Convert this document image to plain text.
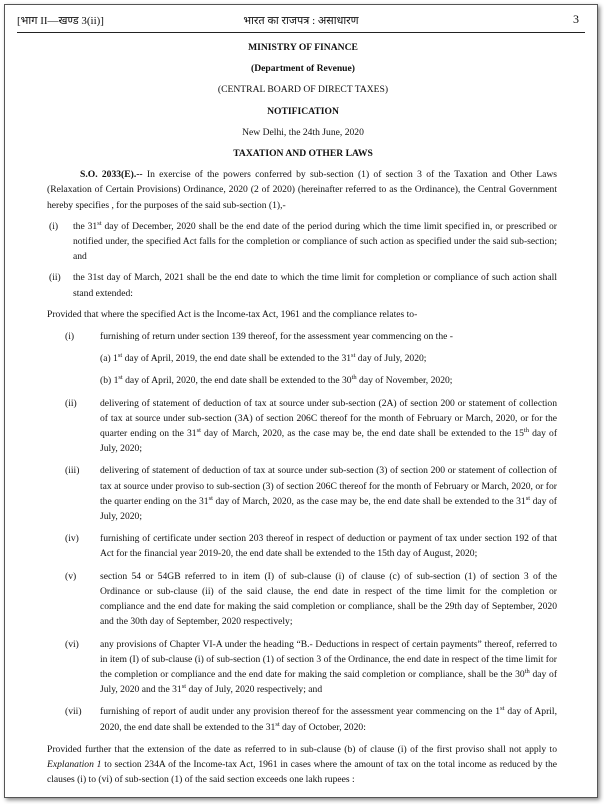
[भाग II—खण्ड 3(ii)]	भारत का राजपत्र : असाधारण	3

MINISTRY OF FINANCE

(Department of Revenue)

(CENTRAL BOARD OF DIRECT TAXES)

NOTIFICATION

New Delhi, the 24th June, 2020

TAXATION AND OTHER LAWS

S.O. 2033(E).-- In exercise of the powers conferred by sub-section (1) of section 3 of the Taxation and Other Laws (Relaxation of Certain Provisions) Ordinance, 2020 (2 of 2020) (hereinafter referred to as the Ordinance), the Central Government hereby specifies , for the purposes of the said sub-section (1),-

(i) the 31st day of December, 2020 shall be the end date of the period during which the time limit specified in, or prescribed or notified under, the specified Act falls for the completion or compliance of such action as specified under the said sub-section; and
(ii) the 31st day of March, 2021 shall be the end date to which the time limit for completion or compliance of such action shall stand extended:

Provided that where the specified Act is the Income-tax Act, 1961 and the compliance relates to-

(i)	furnishing of return under section 139 thereof, for the assessment year commencing on the -
(a) 1st day of April, 2019, the end date shall be extended to the 31st day of July, 2020;
(b) 1st day of April, 2020, the end date shall be extended to the 30th day of November, 2020;
(ii) delivering of statement of deduction of tax at source under sub-section (2A) of section 200 or statement of collection of tax at source under sub-section (3A) of section 206C thereof for the month of February or March, 2020, or for the quarter ending on the 31st day of March, 2020, as the case may be, the end date shall be extended to the 15th day of July, 2020;
(iii) delivering of statement of deduction of tax at source under sub-section (3) of section 200 or statement of collection of tax at source under proviso to sub-section (3) of section 206C thereof for the month of February or March, 2020, or for the quarter ending on the 31st day of March, 2020, as the case may be, the end date shall be extended to the 31st day of July, 2020;
(iv) furnishing of certificate under section 203 thereof in respect of deduction or payment of tax under section 192 of that Act for the financial year 2019-20, the end date shall be extended to the 15th day of August, 2020;
(v) section 54 or 54GB referred to in item (I) of sub-clause (i) of clause (c) of sub-section (1) of section 3 of the Ordinance or sub-clause (ii) of the said clause, the end date in respect of the time limit for the completion or compliance and the end date for making the said completion or compliance, shall be the 29th day of September, 2020 and the 30th day of September, 2020 respectively;
(vi) any provisions of Chapter VI-A under the heading “B.- Deductions in respect of certain payments” thereof, referred to in item (I) of sub-clause (i) of sub-section (1) of section 3 of the Ordinance, the end date in respect of the time limit for the completion or compliance and the end date for making the said completion or compliance, shall be the 30th day of July, 2020 and the 31st day of July, 2020 respectively; and
(vii) furnishing of report of audit under any provision thereof for the assessment year commencing on the 1st day of April, 2020, the end date shall be extended to the 31st day of October, 2020:

Provided further that the extension of the date as referred to in sub-clause (b) of clause (i) of the first proviso shall not apply to Explanation 1 to section 234A of the Income-tax Act, 1961 in cases where the amount of tax on the total income as reduced by the clauses (i) to (vi) of sub-section (1) of the said section exceeds one lakh rupees :
